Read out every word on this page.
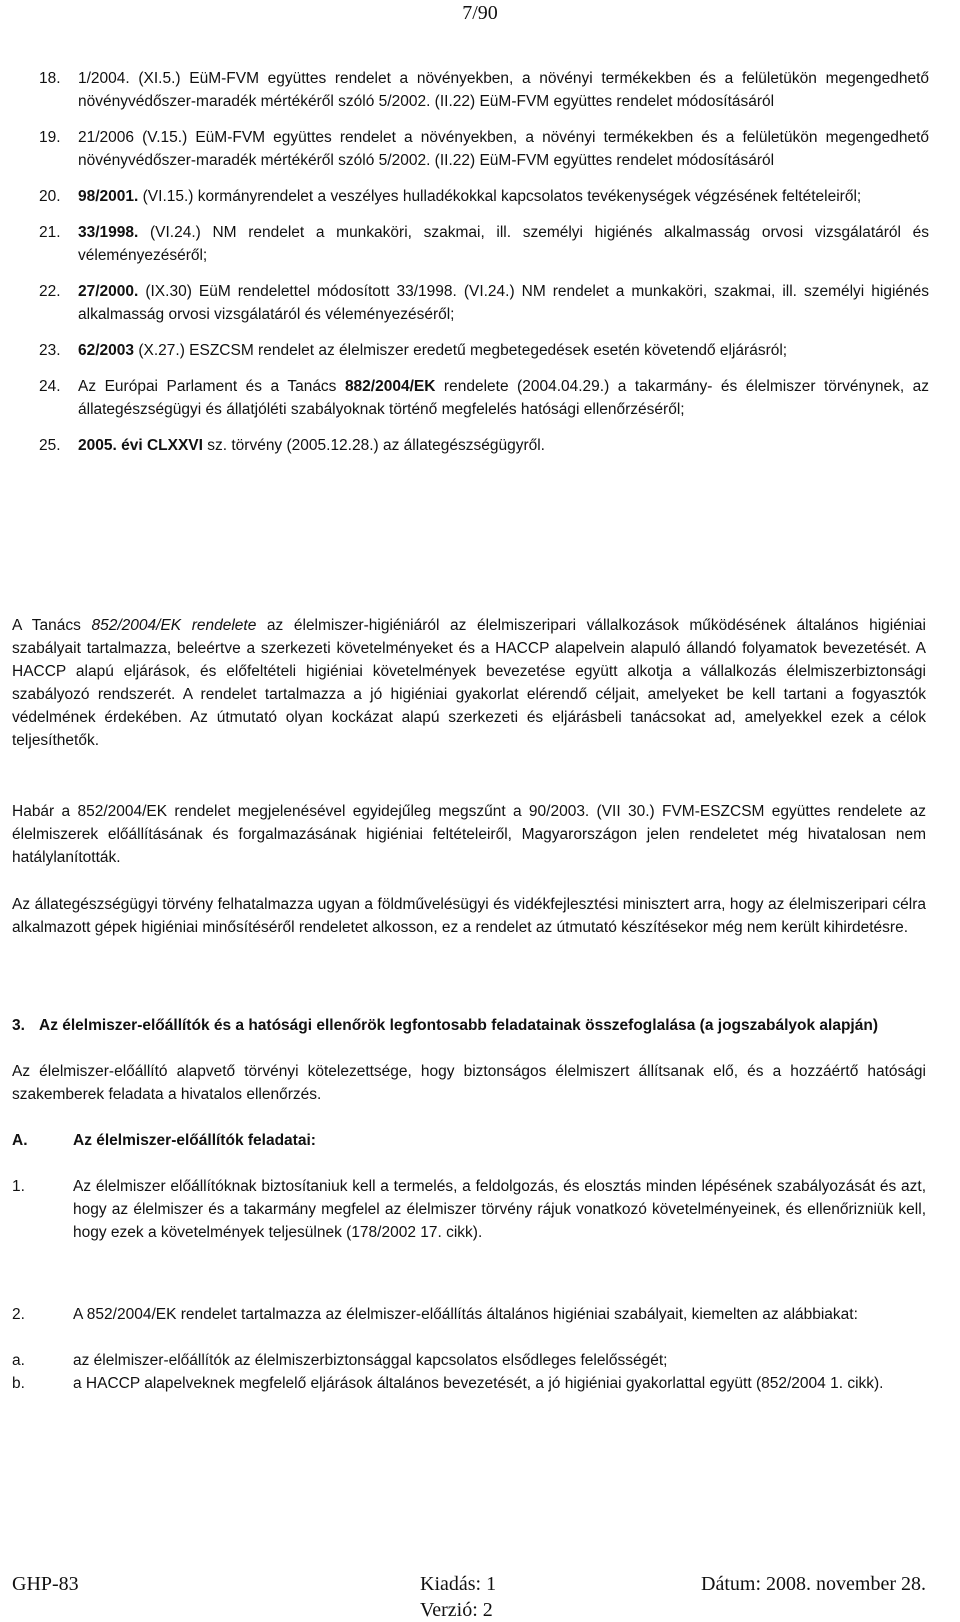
7/90
18. 1/2004. (XI.5.) EüM-FVM együttes rendelet a növényekben, a növényi termékekben és a felületükön megengedhető növényvédőszer-maradék mértékéről szóló 5/2002. (II.22) EüM-FVM együttes rendelet módosításáról
19. 21/2006 (V.15.) EüM-FVM együttes rendelet a növényekben, a növényi termékekben és a felületükön megengedhető növényvédőszer-maradék mértékéről szóló 5/2002. (II.22) EüM-FVM együttes rendelet módosításáról
20. 98/2001. (VI.15.) kormányrendelet a veszélyes hulladékokkal kapcsolatos tevékenységek végzésének feltételeiről;
21. 33/1998. (VI.24.) NM rendelet a munkaköri, szakmai, ill. személyi higiénés alkalmasság orvosi vizsgálatáról és véleményezéséről;
22. 27/2000. (IX.30) EüM rendelettel módosított 33/1998. (VI.24.) NM rendelet a munkaköri, szakmai, ill. személyi higiénés alkalmasság orvosi vizsgálatáról és véleményezéséről;
23. 62/2003 (X.27.) ESZCSM rendelet az élelmiszer eredetű megbetegedések esetén követendő eljárásról;
24. Az Európai Parlament és a Tanács 882/2004/EK rendelete (2004.04.29.) a takarmány- és élelmiszer törvénynek, az állategészségügyi és állatjóléti szabályoknak történő megfelelés hatósági ellenőrzéséről;
25. 2005. évi CLXXVI sz. törvény (2005.12.28.) az állategészségügyről.
A Tanács 852/2004/EK rendelete az élelmiszer-higiéniáról az élelmiszeripari vállalkozások működésének általános higiéniai szabályait tartalmazza, beleértve a szerkezeti követelményeket és a HACCP alapelvein alapuló állandó folyamatok bevezetését. A HACCP alapú eljárások, és előfeltételi higiéniai követelmények bevezetése együtt alkotja a vállalkozás élelmiszerbiztonsági szabályozó rendszerét. A rendelet tartalmazza a jó higiéniai gyakorlat elérendő céljait, amelyeket be kell tartani a fogyasztók védelmének érdekében. Az útmutató olyan kockázat alapú szerkezeti és eljárásbeli tanácsokat ad, amelyekkel ezek a célok teljesíthetők.
Habár a 852/2004/EK rendelet megjelenésével egyidejűleg megszűnt a 90/2003. (VII 30.) FVM-ESZCSM együttes rendelete az élelmiszerek előállításának és forgalmazásának higiéniai feltételeiről, Magyarországon jelen rendeletet még hivatalosan nem hatálylanították.
Az állategészségügyi törvény felhatalmazza ugyan a földművelésügyi és vidékfejlesztési minisztert arra, hogy az élelmiszeripari célra alkalmazott gépek higiéniai minősítéséről rendeletet alkosson, ez a rendelet az útmutató készítésekor még nem került kihirdetésre.
3. Az élelmiszer-előállítók és a hatósági ellenőrök legfontosabb feladatainak összefoglalása (a jogszabályok alapján)
Az élelmiszer-előállító alapvető törvényi kötelezettsége, hogy biztonságos élelmiszert állítsanak elő, és a hozzáértő hatósági szakemberek feladata a hivatalos ellenőrzés.
A.	Az élelmiszer-előállítók feladatai:
1.	Az élelmiszer előállítóknak biztosítaniuk kell a termelés, a feldolgozás, és elosztás minden lépésének szabályozását és azt, hogy az élelmiszer és a takarmány megfelel az élelmiszer törvény rájuk vonatkozó követelményeinek, és ellenőrizniük kell, hogy ezek a követelmények teljesülnek (178/2002 17. cikk).
2.	A 852/2004/EK rendelet tartalmazza az élelmiszer-előállítás általános higiéniai szabályait, kiemelten az alábbiakat:
a.	az élelmiszer-előállítók az élelmiszerbiztonsággal kapcsolatos elsődleges felelősségét;
b.	a HACCP alapelveknek megfelelő eljárások általános bevezetését, a jó higiéniai gyakorlattal együtt (852/2004 1. cikk).
GHP-83	Kiadás: 1	Dátum: 2008. november 28.
Verzió: 2
